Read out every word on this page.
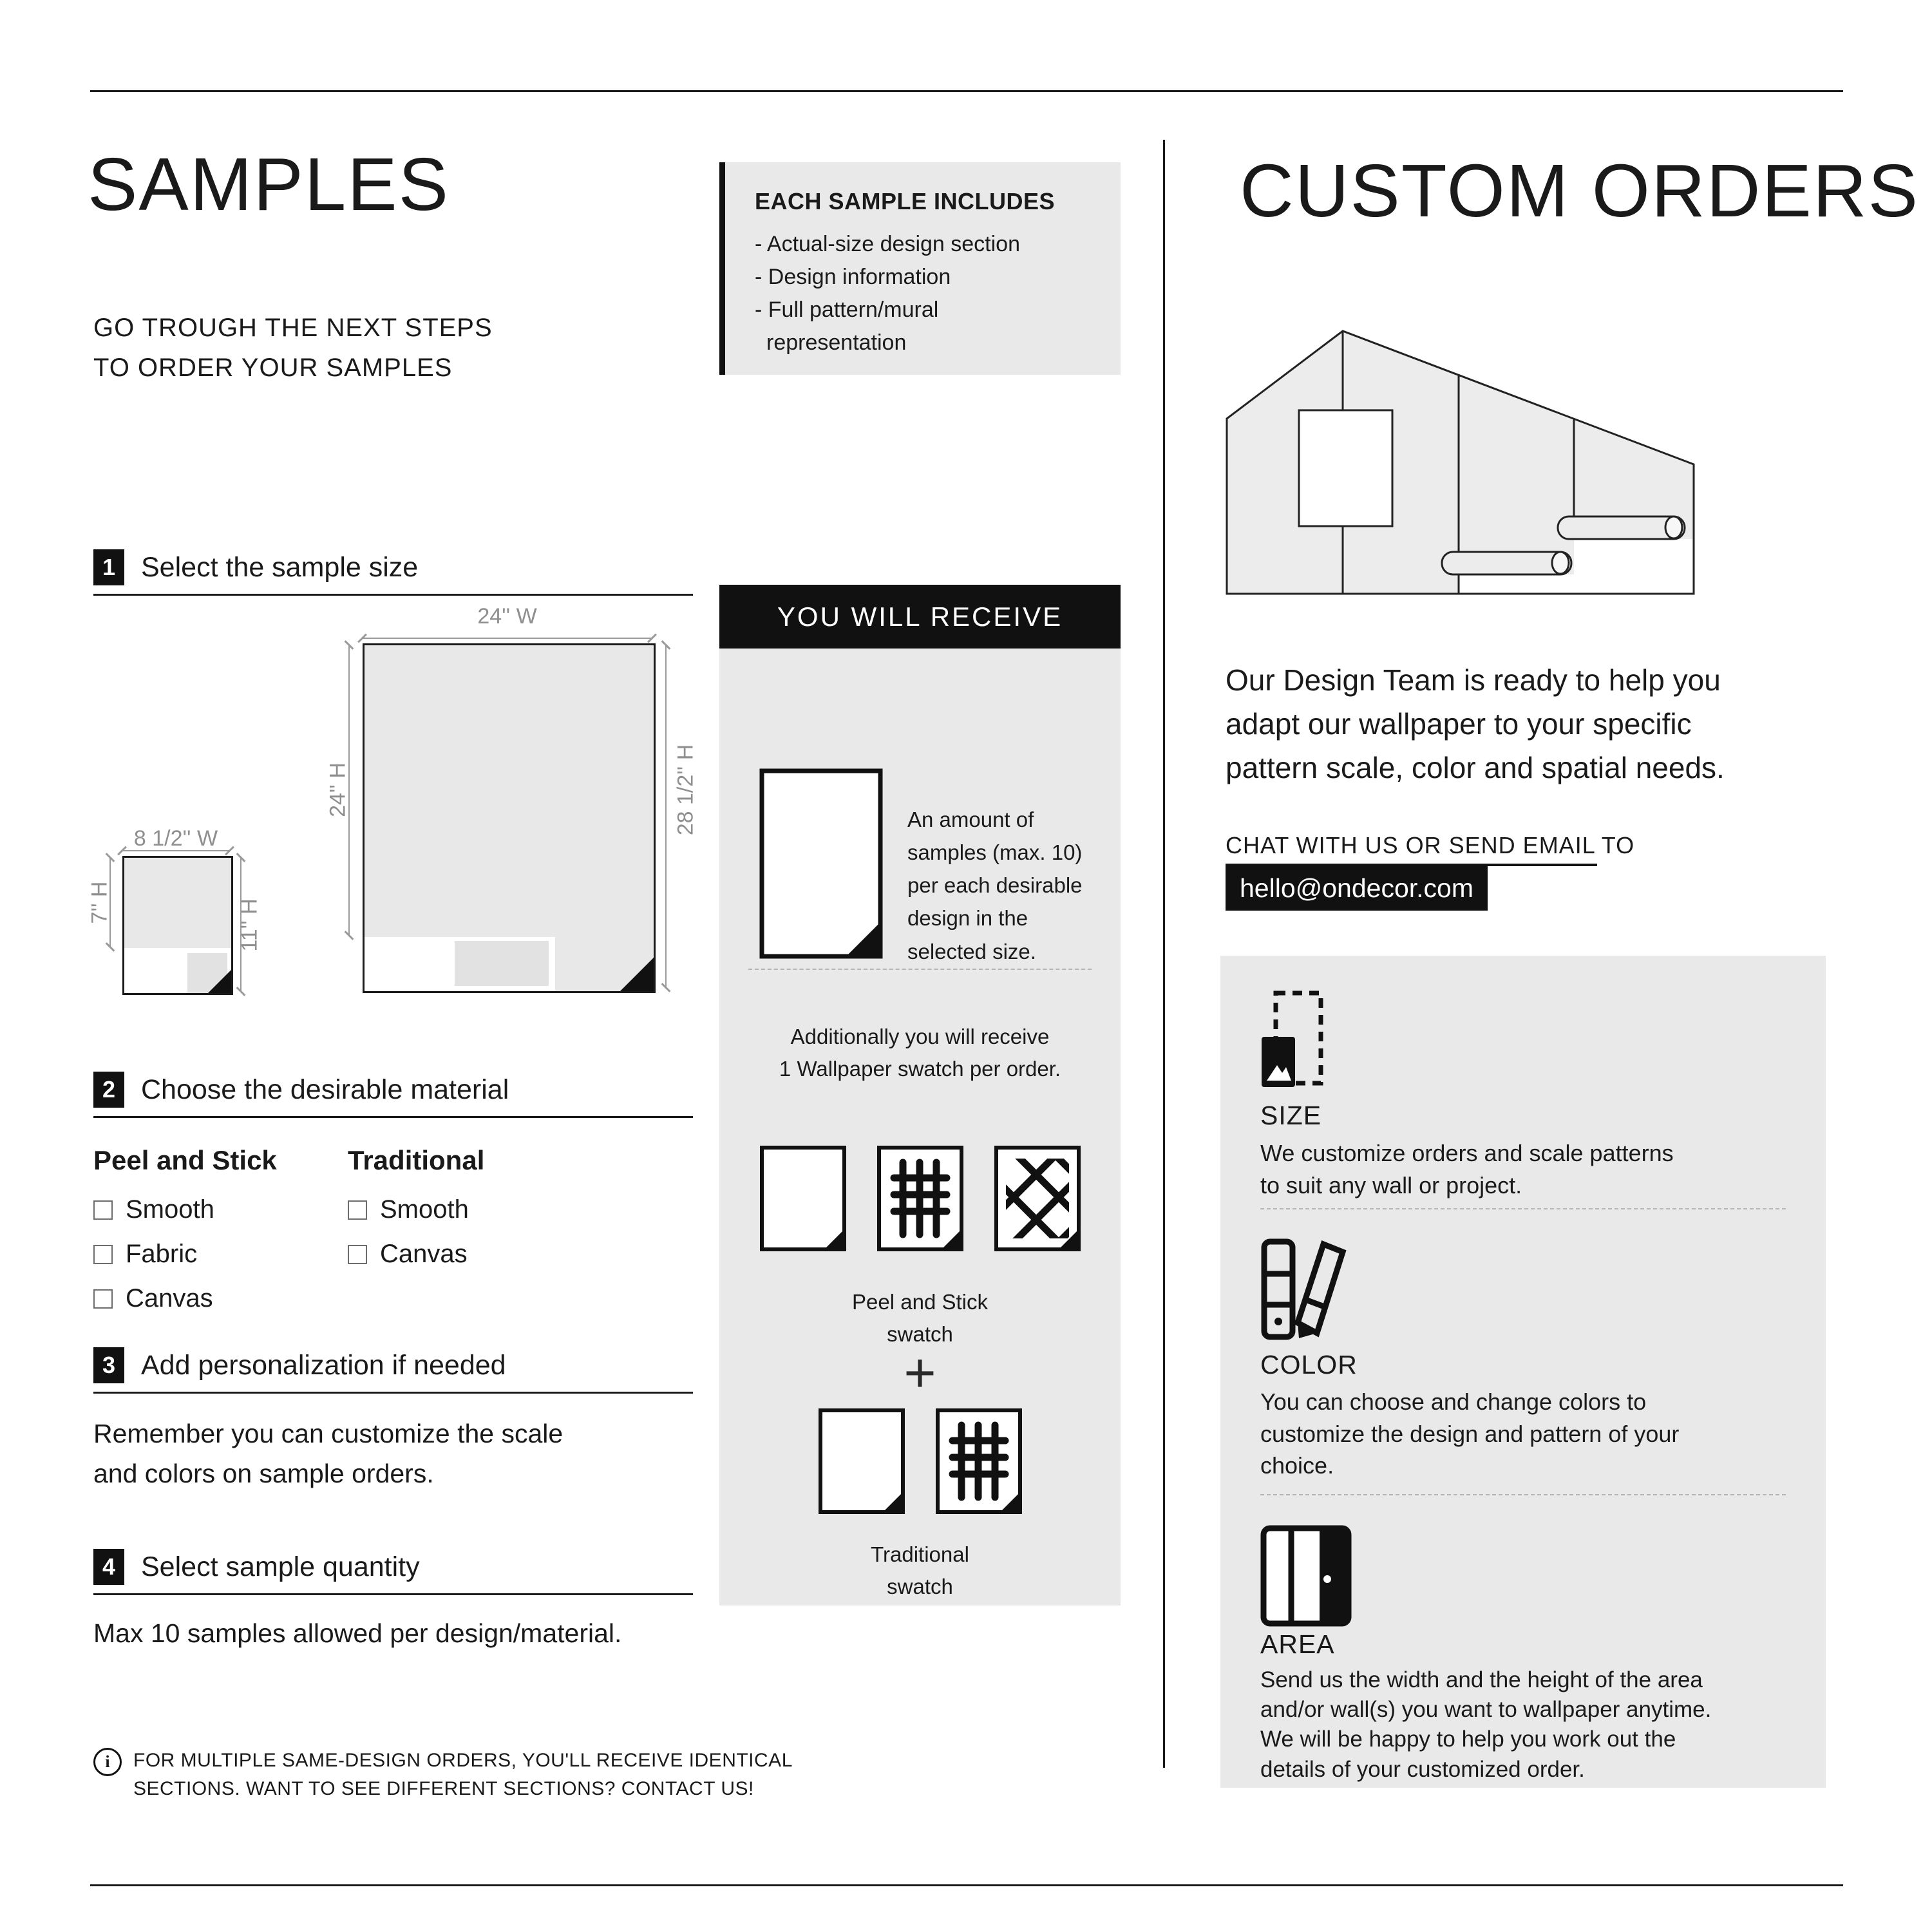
SAMPLES
GO TROUGH THE NEXT STEPS
TO ORDER YOUR SAMPLES
1 Select the sample size
24'' W
24'' H	28 1/2'' H
8 1/2'' W
7'' H	11'' H
2 Choose the desirable material
Peel and Stick
Smooth
Fabric
Canvas
Traditional
Smooth
Canvas
3 Add personalization if needed
Remember you can customize the scale
and colors on sample orders.
4 Select sample quantity
Max 10 samples allowed per design/material.
i	FOR MULTIPLE SAME-DESIGN ORDERS, YOU'LL RECEIVE IDENTICAL
SECTIONS. WANT TO SEE DIFFERENT SECTIONS? CONTACT US!
EACH SAMPLE INCLUDES
- Actual-size design section
- Design information
- Full pattern/mural
representation
YOU WILL RECEIVE
An amount of samples (max. 10) per each desirable design in the selected size.
Additionally you will receive
1 Wallpaper swatch per order.
Peel and Stick
swatch
+
Traditional
swatch
CUSTOM ORDERS
Our Design Team is ready to help you
adapt our wallpaper to your specific
pattern scale, color and spatial needs.
CHAT WITH US OR SEND EMAIL TO
hello@ondecor.com
SIZE
We customize orders and scale patterns
to suit any wall or project.
COLOR
You can choose and change colors to
customize the design and pattern of your
choice.
AREA
Send us the width and the height of the area
and/or wall(s) you want to wallpaper anytime.
We will be happy to help you work out the
details of your customized order.
